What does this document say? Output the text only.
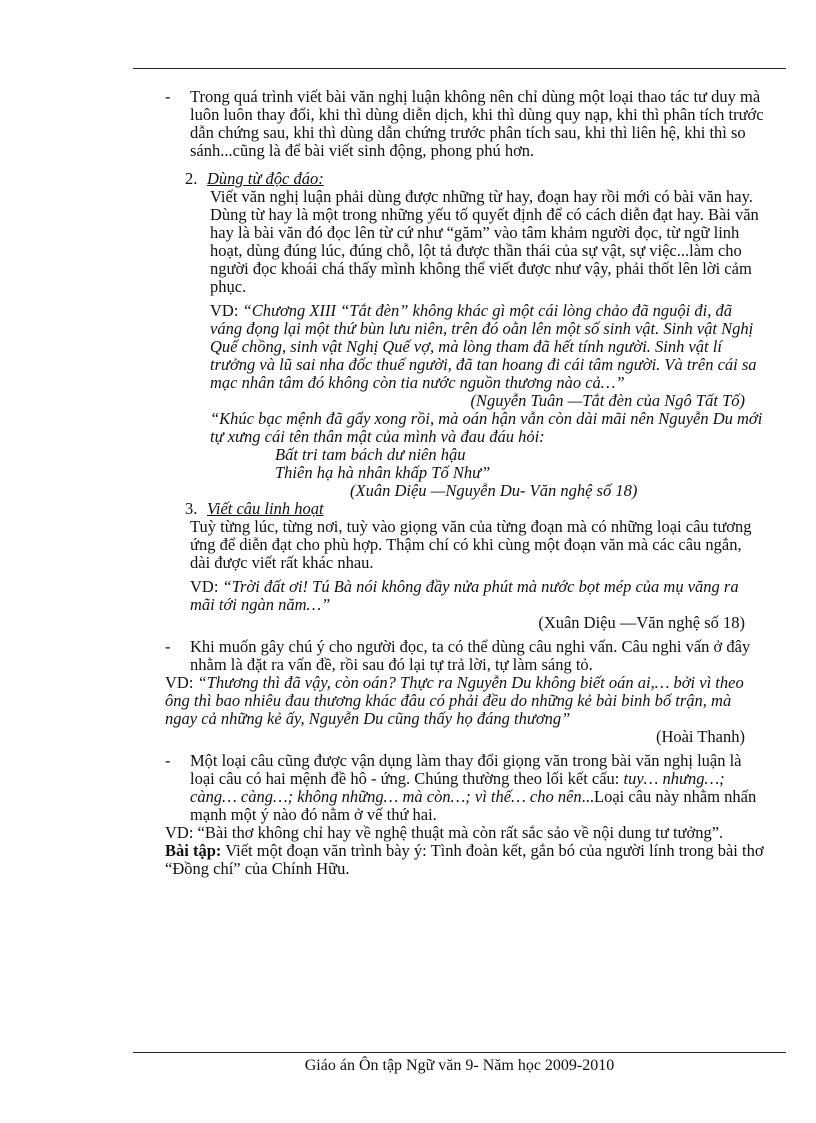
- Trong quá trình viết bài văn nghị luận không nên chỉ dùng một loại thao tác tư duy mà luôn luôn thay đổi, khi thì dùng diễn dịch, khi thì dùng quy nạp, khi thì phân tích trước dẫn chứng sau, khi thì dùng dẫn chứng trước phân tích sau, khi thì liên hệ, khi thì so sánh...cũng là để bài viết sinh động, phong phú hơn.
2. Dùng từ độc đáo:
Viết văn nghị luận phải dùng được những từ hay, đoạn hay rồi mới có bài văn hay. Dùng từ hay là một trong những yếu tố quyết định để có cách diễn đạt hay. Bài văn hay là bài văn đó đọc lên từ cứ như “găm” vào tâm khảm người đọc, từ ngữ linh hoạt, dùng đúng lúc, đúng chỗ, lột tả được thần thái của sự vật, sự việc...làm cho người đọc khoái chá thấy mình không thể viết được như vậy, phải thốt lên lời cảm phục.
VD: “Chương XIII “Tắt đèn” không khác gì một cái lòng chảo đã nguội đi, đã váng đọng lại một thứ bùn lưu niên, trên đó oằn lên một số sinh vật. Sinh vật Nghị Quế chồng, sinh vật Nghị Quế vợ, mà lòng tham đã hết tính người. Sinh vật lí trưởng và lũ sai nha đốc thuế người, đã tan hoang đi cái tâm người. Và trên cái sa mạc nhân tâm đó không còn tia nước nguồn thương nào cả…”
(Nguyễn Tuân —Tắt đèn của Ngô Tất Tố)
“Khúc bạc mệnh đã gẩy xong rồi, mà oán hận vẫn còn dài mãi nên Nguyễn Du mới tự xưng cái tên thân mật của mình và đau đáu hỏi:
Bất tri tam bách dư niên hậu
Thiên hạ hà nhân khấp Tố Như”
(Xuân Diệu —Nguyễn Du- Văn nghệ số 18)
3. Viết câu linh hoạt
Tuỳ từng lúc, từng nơi, tuỳ vào giọng văn của từng đoạn mà có những loại câu tương ứng để diễn đạt cho phù hợp. Thậm chí có khi cùng một đoạn văn mà các câu ngắn, dài được viết rất khác nhau.
VD: “Trời đất ơi! Tú Bà nói không đầy nửa phút mà nước bọt mép của mụ văng ra mãi tới ngàn năm…”
(Xuân Diệu —Văn nghệ số 18)
- Khi muốn gây chú ý cho người đọc, ta có thể dùng câu nghi vấn. Câu nghi vấn ở đây nhằm là đặt ra vấn đề, rồi sau đó lại tự trả lời, tự làm sáng tỏ.
VD: “Thương thì đã vậy, còn oán? Thực ra Nguyễn Du không biết oán ai,… bởi vì theo ông thì bao nhiêu đau thương khác đâu có phải đều do những kẻ bài binh bố trận, mà ngay cả những kẻ ấy, Nguyễn Du cũng thấy họ đáng thương”
(Hoài Thanh)
- Một loại câu cũng được vận dụng làm thay đổi giọng văn trong bài văn nghị luận là loại câu có hai mệnh đề hô - ứng. Chúng thường theo lối kết cấu: tuy… nhưng…; càng… càng…; không những… mà còn…; vì thế… cho nên...Loại câu này nhằm nhấn mạnh một ý nào đó nằm ở vế thứ hai.
VD: “Bài thơ không chỉ hay về nghệ thuật mà còn rất sắc sảo về nội dung tư tưởng”.
Bài tập: Viết một đoạn văn trình bày ý: Tình đoàn kết, gắn bó của người lính trong bài thơ “Đồng chí” của Chính Hữu.
Giáo án Ôn tập Ngữ văn 9- Năm học 2009-2010
